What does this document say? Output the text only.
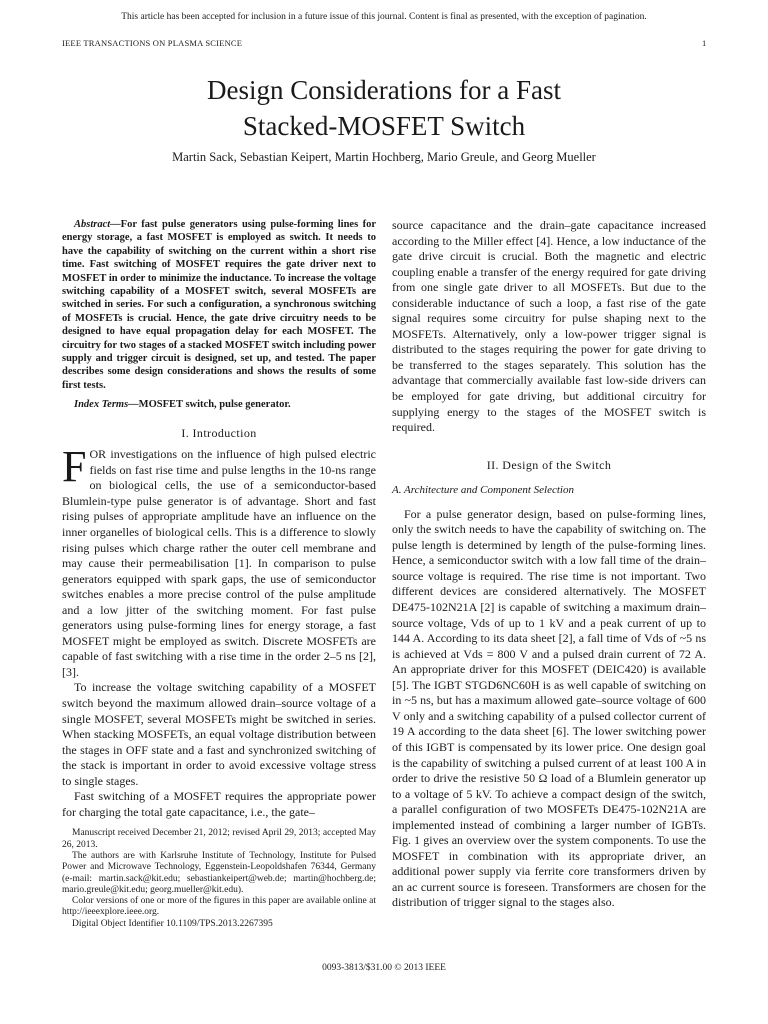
This article has been accepted for inclusion in a future issue of this journal. Content is final as presented, with the exception of pagination.
IEEE TRANSACTIONS ON PLASMA SCIENCE	1
Design Considerations for a Fast
Stacked-MOSFET Switch
Martin Sack, Sebastian Keipert, Martin Hochberg, Mario Greule, and Georg Mueller

Abstract—For fast pulse generators using pulse-forming lines for energy storage, a fast MOSFET is employed as switch. It needs to have the capability of switching on the current within a short rise time. Fast switching of MOSFET requires the gate driver next to MOSFET in order to minimize the inductance. To increase the voltage switching capability of a MOSFET switch, several MOSFETs are switched in series. For such a configuration, a synchronous switching of MOSFETs is crucial. Hence, the gate drive circuitry needs to be designed to have equal propagation delay for each MOSFET. The circuitry for two stages of a stacked MOSFET switch including power supply and trigger circuit is designed, set up, and tested. The paper describes some design considerations and shows the results of some first tests.

Index Terms—MOSFET switch, pulse generator.

I. Introduction

FOR investigations on the influence of high pulsed electric fields on fast rise time and pulse lengths in the 10-ns range on biological cells, the use of a semiconductor-based Blumlein-type pulse generator is of advantage. Short and fast rising pulses of appropriate amplitude have an influence on the inner organelles of biological cells. This is a difference to slowly rising pulses which charge rather the outer cell membrane and may cause their permeabilisation [1]. In comparison to pulse generators equipped with spark gaps, the use of semiconductor switches enables a more precise control of the pulse amplitude and a low jitter of the switching moment. For fast pulse generators using pulse-forming lines for energy storage, a fast MOSFET might be employed as switch. Discrete MOSFETs are capable of fast switching with a rise time in the order 2–5 ns [2], [3].

To increase the voltage switching capability of a MOSFET switch beyond the maximum allowed drain–source voltage of a single MOSFET, several MOSFETs might be switched in series. When stacking MOSFETs, an equal voltage distribution between the stages in OFF state and a fast and synchronized switching of the stack is important in order to avoid excessive voltage stress to single stages.

Fast switching of a MOSFET requires the appropriate power for charging the total gate capacitance, i.e., the gate–

Manuscript received December 21, 2012; revised April 29, 2013; accepted May 26, 2013.

The authors are with Karlsruhe Institute of Technology, Institute for Pulsed Power and Microwave Technology, Eggenstein-Leopoldshafen 76344, Germany (e-mail: martin.sack@kit.edu; sebastiankeipert@web.de; martin@hochberg.de; mario.greule@kit.edu; georg.mueller@kit.edu).

Color versions of one or more of the figures in this paper are available online at http://ieeexplore.ieee.org.

Digital Object Identifier 10.1109/TPS.2013.2267395

source capacitance and the drain–gate capacitance increased according to the Miller effect [4]. Hence, a low inductance of the gate drive circuit is crucial. Both the magnetic and electric coupling enable a transfer of the energy required for gate driving from one single gate driver to all MOSFETs. But due to the considerable inductance of such a loop, a fast rise of the gate signal requires some circuitry for pulse shaping next to the MOSFETs. Alternatively, only a low-power trigger signal is distributed to the stages requiring the power for gate driving to be transferred to the stages separately. This solution has the advantage that commercially available fast low-side drivers can be employed for gate driving, but additional circuitry for supplying energy to the stages of the MOSFET switch is required.

II. Design of the Switch
A. Architecture and Component Selection

For a pulse generator design, based on pulse-forming lines, only the switch needs to have the capability of switching on. The pulse length is determined by length of the pulse-forming lines. Hence, a semiconductor switch with a low fall time of the drain–source voltage is required. The rise time is not important. Two different devices are considered alternatively. The MOSFET DE475-102N21A [2] is capable of switching a maximum drain–source voltage, Vds of up to 1 kV and a peak current of up to 144 A. According to its data sheet [2], a fall time of Vds of ~5 ns is achieved at Vds = 800 V and a pulsed drain current of 72 A. An appropriate driver for this MOSFET (DEIC420) is available [5]. The IGBT STGD6NC60H is as well capable of switching on in ~5 ns, but has a maximum allowed gate–source voltage of 600 V only and a switching capability of a pulsed collector current of 19 A according to the data sheet [6]. The lower switching power of this IGBT is compensated by its lower price. One design goal is the capability of switching a pulsed current of at least 100 A in order to drive the resistive 50 Ω load of a Blumlein generator up to a voltage of 5 kV. To achieve a compact design of the switch, a parallel configuration of two MOSFETs DE475-102N21A are implemented instead of combining a larger number of IGBTs. Fig. 1 gives an overview over the system components. To use the MOSFET in combination with its appropriate driver, an additional power supply via ferrite core transformers driven by an ac current source is foreseen. Transformers are chosen for the distribution of trigger signal to the stages also.

0093-3813/$31.00 © 2013 IEEE
